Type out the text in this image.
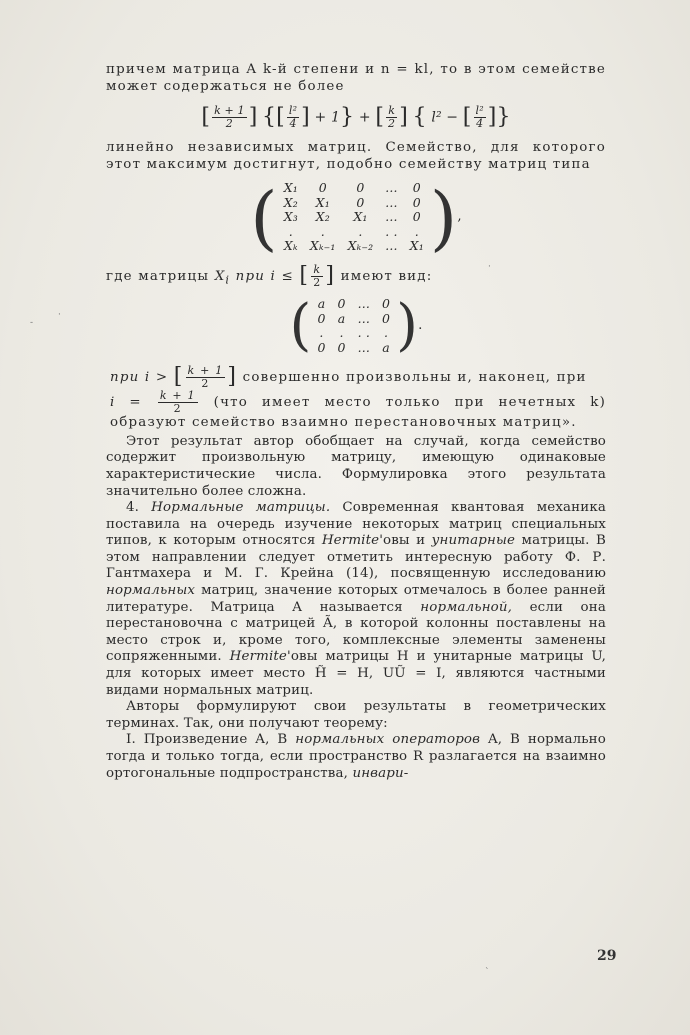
причем матрица A k-й степени и n = kl, то в этом семействе может содержаться не более

[ $\frac{k + 1}{2}$ ] {[ $\frac{\text{l²}}{4}$ ] + 1} + [ $\frac{k}{2}$ ] { l² − [ $\frac{\text{l²}}{4}$ ]}

линейно независимых матриц. Семейство, для которого этот максимум достигнут, подобно семейству матриц типа

( X₁	0	0	...	0
X₂	X₁	0	...	0
X₃	X₂	X₁	...	0
.	.	.	. .	.
Xₖ	Xₖ₋₁	Xₖ₋₂	...	X₁ ) ,

где матрицы $X_i$ при i ≤ [ $\frac{k}{2}$ ] имеют вид:

( a	0	...	0
0	a	...	0
.	.	. .	.
0	0	...	a ) .

при i > [ $\frac{k + 1}{2}$ ] совершенно произвольны и, наконец, при

$i = \frac{k + 1}{2} (что$ имеет место только при нечетных k) образуют семейство взаимно перестановочных матриц».

Этот результат автор обобщает на случай, когда семейство содержит произвольную матрицу, имеющую одинаковые характеристические числа. Формулировка этого результата значительно более сложна.

4. Нормальные матрицы. Современная квантовая механика поставила на очередь изучение некоторых матриц специальных типов, к которым относятся Hermite'овы и унитарные матрицы. В этом направлении следует отметить интересную работу Ф. Р. Гантмахера и М. Г. Крейна (14), посвященную исследованию нормальных матриц, значение которых отмечалось в более ранней литературе. Матрица A называется нормальной, если она перестановочна с матрицей Ã, в которой колонны поставлены на место строк и, кроме того, комплексные элементы заменены сопряженными. Hermite'овы матрицы H и унитарные матрицы U, для которых имеет место H̃ = H, UŨ = I, являются частными видами нормальных матриц.

Авторы формулируют свои результаты в геометрических терминах. Так, они получают теорему:

I. Произведение A, B нормальных операторов A, B нормально тогда и только тогда, если пространство R разлагается на взаимно ортогональные подпространства, инвари-

29
-
·
·
`
